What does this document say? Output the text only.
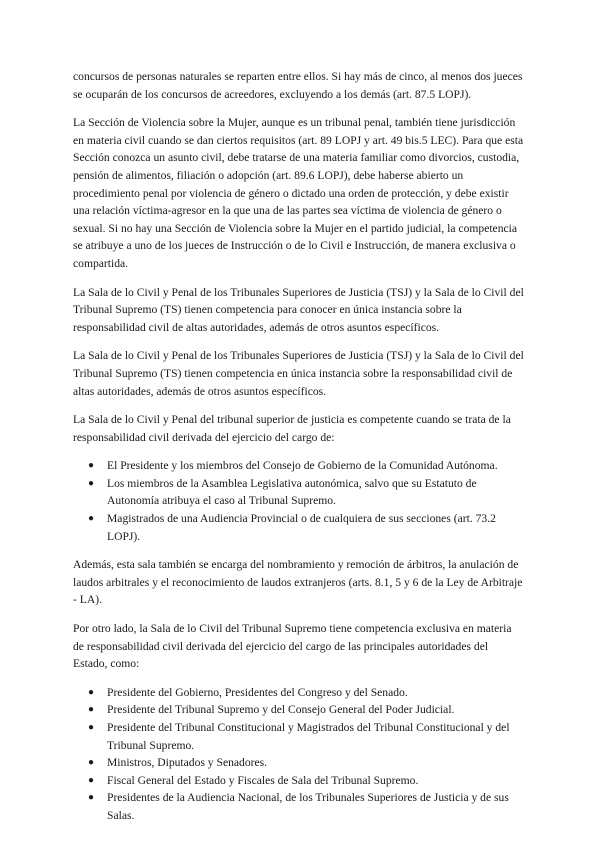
concursos de personas naturales se reparten entre ellos. Si hay más de cinco, al menos dos jueces se ocuparán de los concursos de acreedores, excluyendo a los demás (art. 87.5 LOPJ).

La Sección de Violencia sobre la Mujer, aunque es un tribunal penal, también tiene jurisdicción en materia civil cuando se dan ciertos requisitos (art. 89 LOPJ y art. 49 bis.5 LEC). Para que esta Sección conozca un asunto civil, debe tratarse de una materia familiar como divorcios, custodia, pensión de alimentos, filiación o adopción (art. 89.6 LOPJ), debe haberse abierto un procedimiento penal por violencia de género o dictado una orden de protección, y debe existir una relación víctima-agresor en la que una de las partes sea víctima de violencia de género o sexual. Si no hay una Sección de Violencia sobre la Mujer en el partido judicial, la competencia se atribuye a uno de los jueces de Instrucción o de lo Civil e Instrucción, de manera exclusiva o compartida.

La Sala de lo Civil y Penal de los Tribunales Superiores de Justicia (TSJ) y la Sala de lo Civil del Tribunal Supremo (TS) tienen competencia para conocer en única instancia sobre la responsabilidad civil de altas autoridades, además de otros asuntos específicos.

La Sala de lo Civil y Penal de los Tribunales Superiores de Justicia (TSJ) y la Sala de lo Civil del Tribunal Supremo (TS) tienen competencia en única instancia sobre la responsabilidad civil de altas autoridades, además de otros asuntos específicos.

La Sala de lo Civil y Penal del tribunal superior de justicia es competente cuando se trata de la responsabilidad civil derivada del ejercicio del cargo de:

● El Presidente y los miembros del Consejo de Gobierno de la Comunidad Autónoma.
● Los miembros de la Asamblea Legislativa autonómica, salvo que su Estatuto de Autonomía atribuya el caso al Tribunal Supremo.
● Magistrados de una Audiencia Provincial o de cualquiera de sus secciones (art. 73.2 LOPJ).

Además, esta sala también se encarga del nombramiento y remoción de árbitros, la anulación de laudos arbitrales y el reconocimiento de laudos extranjeros (arts. 8.1, 5 y 6 de la Ley de Arbitraje - LA).

Por otro lado, la Sala de lo Civil del Tribunal Supremo tiene competencia exclusiva en materia de responsabilidad civil derivada del ejercicio del cargo de las principales autoridades del Estado, como:

● Presidente del Gobierno, Presidentes del Congreso y del Senado.
● Presidente del Tribunal Supremo y del Consejo General del Poder Judicial.
● Presidente del Tribunal Constitucional y Magistrados del Tribunal Constitucional y del Tribunal Supremo.
● Ministros, Diputados y Senadores.
● Fiscal General del Estado y Fiscales de Sala del Tribunal Supremo.
● Presidentes de la Audiencia Nacional, de los Tribunales Superiores de Justicia y de sus Salas.
